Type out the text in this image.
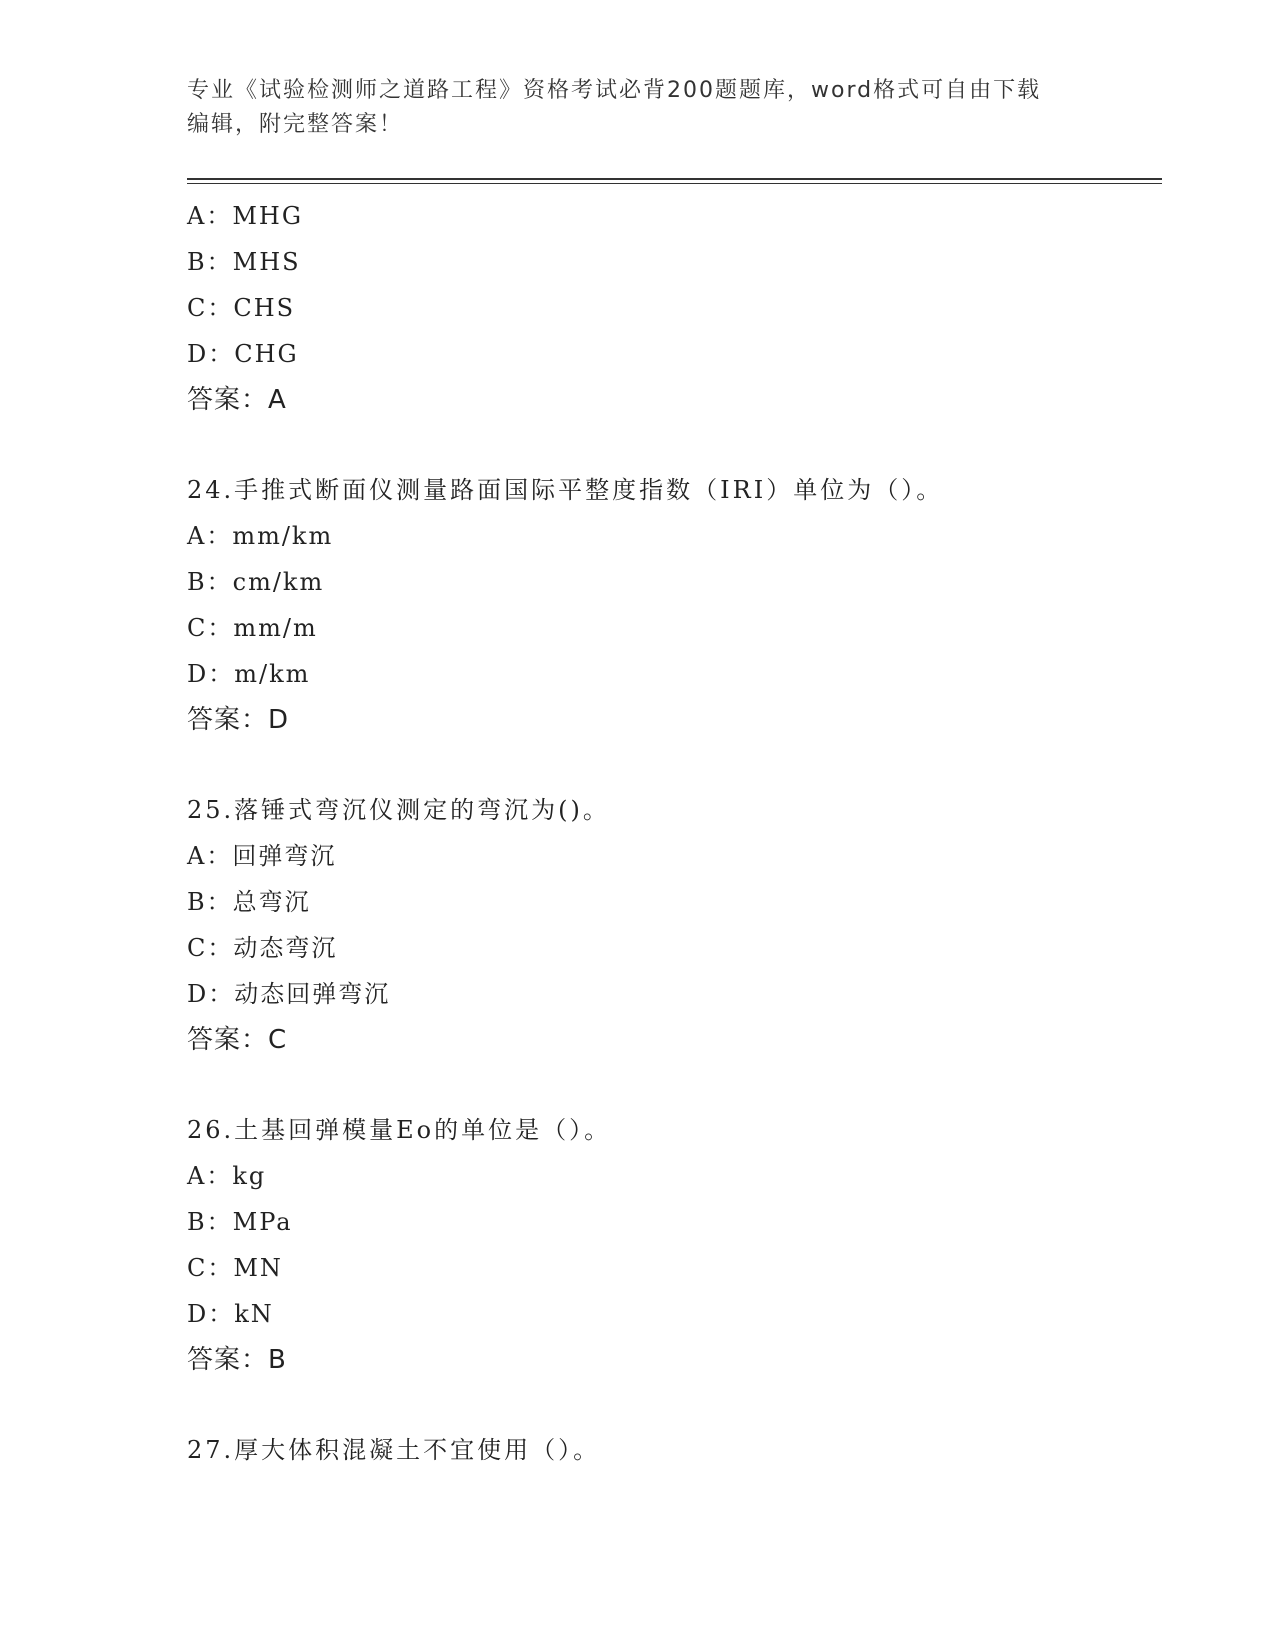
专业《试验检测师之道路工程》资格考试必背200题题库，word格式可自由下载
编辑，附完整答案！
A：MHG
B：MHS
C：CHS
D：CHG
答案：A
24.手推式断面仪测量路面国际平整度指数（IRI）单位为（）。
A：mm/km
B：cm/km
C：mm/m
D：m/km
答案：D
25.落锤式弯沉仪测定的弯沉为()。
A：回弹弯沉
B：总弯沉
C：动态弯沉
D：动态回弹弯沉
答案：C
26.土基回弹模量Eo的单位是（）。
A：kg
B：MPa
C：MN
D：kN
答案：B
27.厚大体积混凝土不宜使用（）。
